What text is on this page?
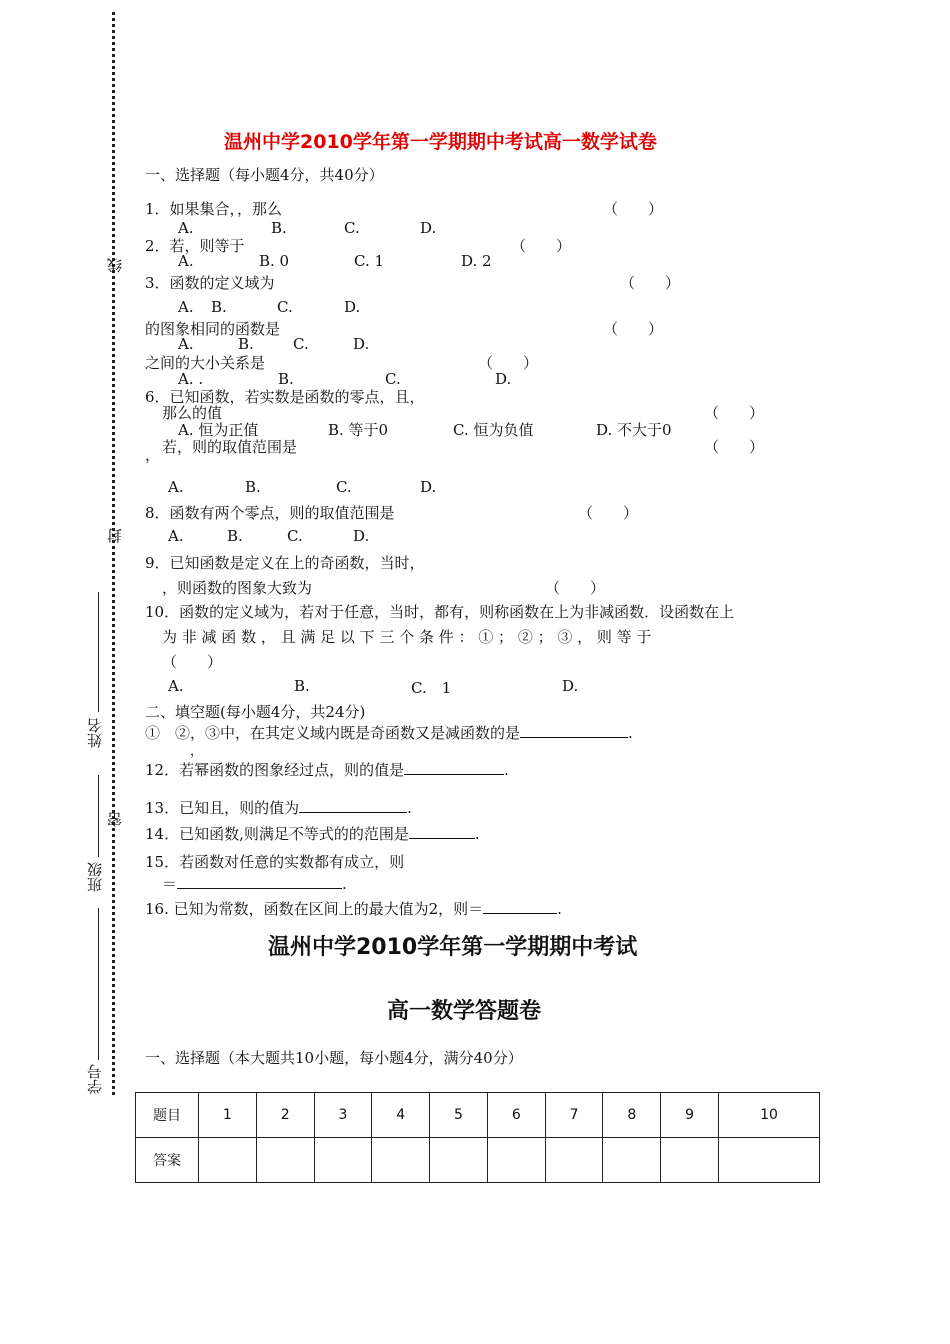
线
封
密
姓名
班级
学号
温州中学2010学年第一学期期中考试高一数学试卷
一、选择题（每小题4分，共40分）
1．如果集合，，那么	（　　）
A.	B.	C.	D.
2．若，则等于	（　　）
A.	B. 0	C. 1	D. 2
3．函数的定义域为	（　　）
A. B.	C.	D.
的图象相同的函数是	（　　）
A.	B.	C.	D.
之间的大小关系是	（　　）
A. .	B.	C.	D.
6．已知函数，若实数是函数的零点，且，
那么的值	（　　）
A. 恒为正值	B. 等于0	C. 恒为负值	D. 不大于0
， 若，则的取值范围是	（　　）
A.	B.	C.	D.
8．函数有两个零点，则的取值范围是	（　　）
A.	B.	C.	D.
9．已知函数是定义在上的奇函数，当时，
，则函数的图象大致为	（　　）
10．函数的定义域为，若对于任意，当时，都有，则称函数在上为非减函数．设函数在上
为 非 减 函 数 ， 且 满 足 以 下 三 个 条 件 ： ① ； ② ； ③ ， 则 等 于
（　　）
A.	B.	C.　1	D.
二、填空题(每小题4分，共24分)
①　②，③中，在其定义域内既是奇函数又是减函数的是	.
，
12．若幂函数的图象经过点，则的值是	.
13．已知且，则的值为	.
14．已知函数,则满足不等式的的范围是	.
15．若函数对任意的实数都有成立，则
＝	.
16. 已知为常数，函数在区间上的最大值为2，则＝	.
温州中学2010学年第一学期期中考试
高一数学答题卷
一、选择题（本大题共10小题，每小题4分，满分40分）
题目	1	2	3	4	5	6	7	8	9	10
答案										
